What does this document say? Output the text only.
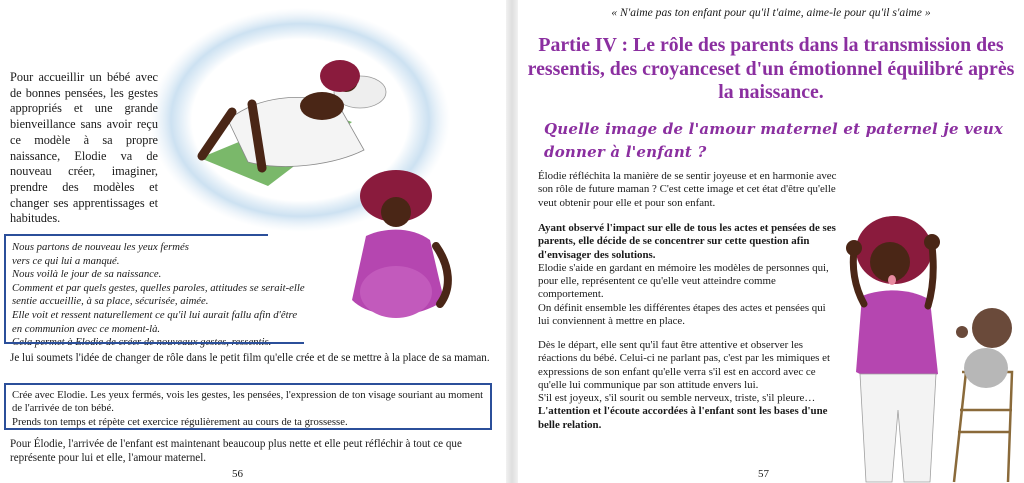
Pour accueillir un bébé avec de bonnes pensées, les gestes appropriés et une grande bienveillance sans avoir reçu ce modèle à sa propre naissance, Elodie va de nouveau créer, imaginer, prendre des modèles et changer ses apprentissages et habitudes.

Nous partons de nouveau les yeux fermés

vers ce qui lui a manqué.

Nous voilà le jour de sa naissance.

Comment et par quels gestes, quelles paroles, attitudes se serait-elle

sentie accueillie, à sa place, sécurisée, aimée.

Elle voit et ressent naturellement ce qu'il lui aurait fallu afin d'être

en communion avec ce moment-là.

Cela permet à Elodie de créer de nouveaux gestes, ressentis.

Je lui soumets l'idée de changer de rôle dans le petit film qu'elle crée et de se mettre à la place de sa maman.

Crée avec Elodie. Les yeux fermés, vois les gestes, les pensées, l'expression de ton visage souriant au moment de l'arrivée de ton bébé.

Prends ton temps et répète cet exercice régulièrement au cours de ta grossesse.

Pour Élodie, l'arrivée de l'enfant est maintenant beaucoup plus nette et elle peut réfléchir à tout ce que représente pour lui et elle, l'amour maternel.

56

« N'aime pas ton enfant pour qu'il t'aime, aime-le pour qu'il s'aime »

Partie IV : Le rôle des parents dans la transmission des ressentis, des croyanceset d'un émotionnel équilibré après la naissance.
Quelle image de l'amour maternel et paternel je veux donner à l'enfant ?

Élodie réfléchita la manière de se sentir joyeuse et en harmonie avec son rôle de future maman ? C'est cette image et cet état d'être qu'elle veut obtenir pour elle et pour son enfant.

Ayant observé l'impact sur elle de tous les actes et pensées de ses parents, elle décide de se concentrer sur cette question afin d'envisager des solutions.
Elodie s'aide en gardant en mémoire les modèles de personnes qui, pour elle, représentent ce qu'elle veut atteindre comme comportement.
On définit ensemble les différentes étapes des actes et pensées qui lui conviennent à mettre en place.
Dès le départ, elle sent qu'il faut être attentive et observer les réactions du bébé. Celui-ci ne parlant pas, c'est par les mimiques et expressions de son enfant qu'elle verra s'il est en accord avec ce qu'elle lui communique par son attitude envers lui.
S'il est joyeux, s'il sourit ou semble nerveux, triste, s'il pleure…
L'attention et l'écoute accordées à l'enfant sont les bases d'une belle relation.
57
